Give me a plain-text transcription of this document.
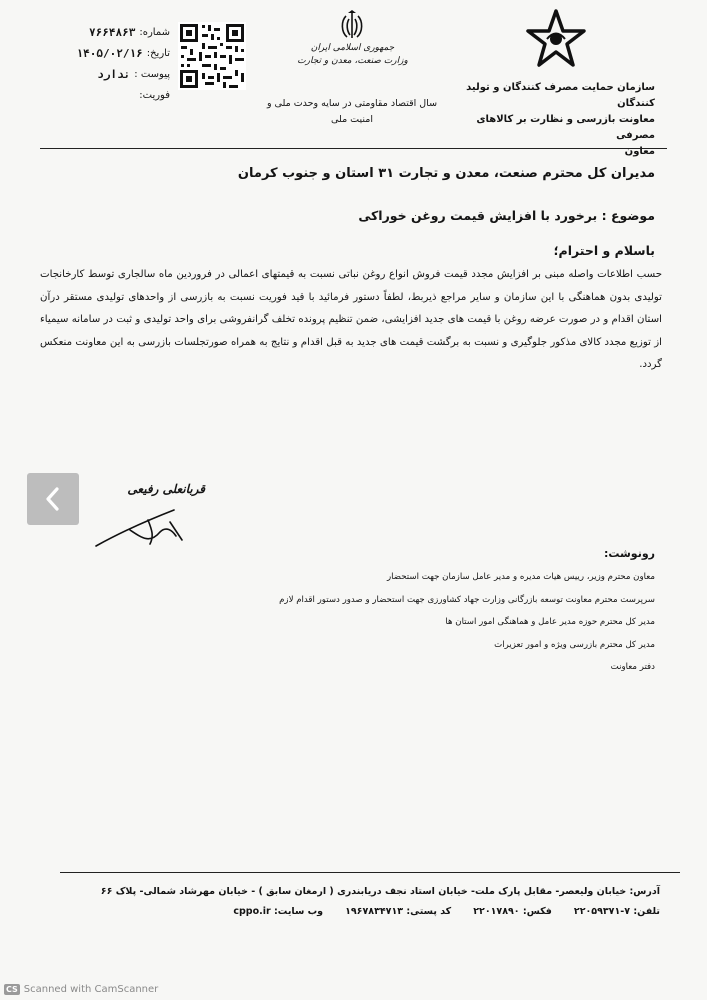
شماره:
۷۶۶۴۸۶۳
تاریخ:
۱۴۰۵/۰۲/۱۶
پیوست :
ندارد
فوریت:
جمهوری اسلامی ایران
وزارت صنعت، معدن و تجارت
سال اقتصاد مقاومتی در سایه وحدت ملی و
امنیت ملی
سازمان حمایت مصرف کنندگان و تولید کنندگان
معاونت بازرسی و نظارت بر کالاهای مصرفی
معاون
مدیران کل محترم صنعت، معدن و تجارت ۳۱ استان و جنوب کرمان
موضوع : برخورد با افزایش قیمت روغن خوراکی
باسلام و احترام؛
حسب اطلاعات واصله مبنی بر افزایش مجدد قیمت فروش انواع روغن نباتی نسبت به قیمتهای اعمالی در فروردین ماه سالجاری توسط کارخانجات تولیدی بدون هماهنگی با این سازمان و سایر مراجع ذیربط، لطفاً دستور فرمائید با قید فوریت نسبت به بازرسی از واحدهای تولیدی مستقر درآن استان اقدام و در صورت عرضه روغن با قیمت های جدید افزایشی، ضمن تنظیم پرونده تخلف گرانفروشی برای واحد تولیدی و ثبت در سامانه سیمیاء از توزیع مجدد کالای مذکور جلوگیری و نسبت به برگشت قیمت های جدید به قبل اقدام و نتایج به همراه صورتجلسات بازرسی به این معاونت منعکس گردد.
قربانعلی رفیعی
رونوشت:
معاون محترم وزیر، رییس هیات مدیره و مدیر عامل سازمان جهت استحضار
سرپرست محترم معاونت توسعه بازرگانی وزارت جهاد کشاورزی جهت استحضار و صدور دستور اقدام لازم
مدیر کل محترم حوزه مدیر عامل و هماهنگی امور استان ها
مدیر کل محترم بازرسی ویژه و امور تعزیرات
دفتر معاونت
آدرس: خیابان ولیعصر- مقابل پارک ملت- خیابان استاد نجف دریابندری ( ارمغان سابق ) - خیابان مهرشاد شمالی- پلاک ۶۶
تلفن: ۷-۲۲۰۵۹۳۷۱
فکس: ۲۲۰۱۷۸۹۰
کد پستی: ۱۹۶۷۸۳۴۷۱۳
وب سایت: cppo.ir
CS Scanned with CamScanner
